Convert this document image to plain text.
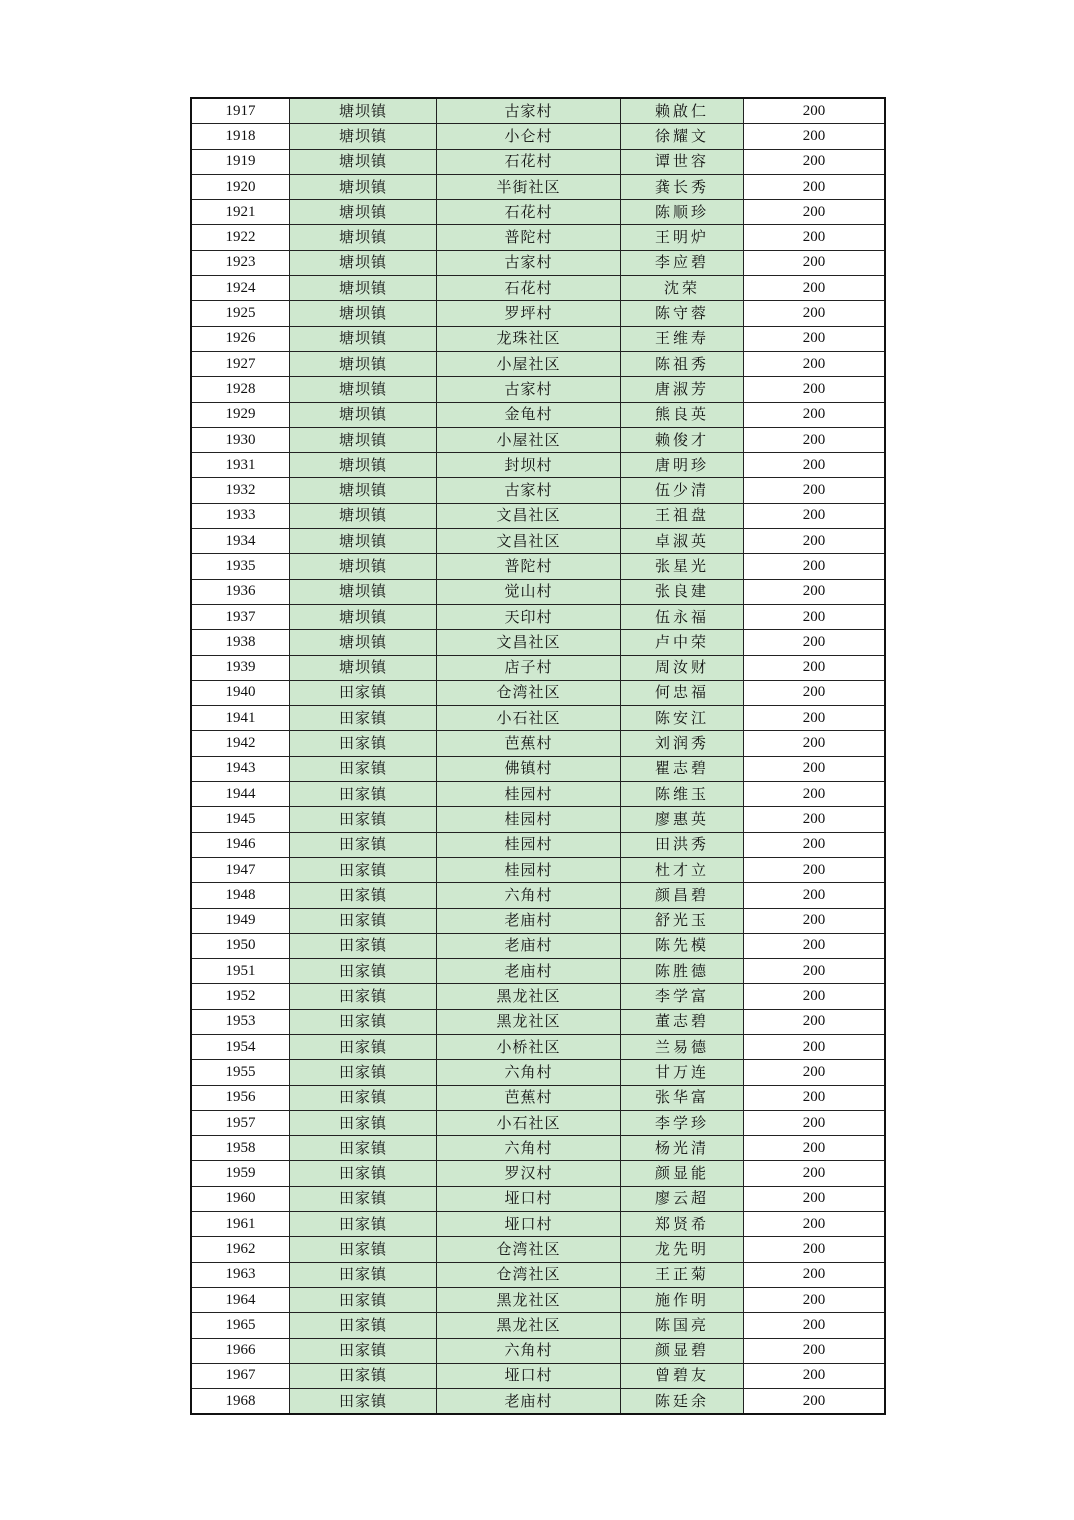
1917	塘坝镇	古家村	赖啟仁	200
1918	塘坝镇	小仑村	徐耀文	200
1919	塘坝镇	石花村	谭世容	200
1920	塘坝镇	半街社区	龚长秀	200
1921	塘坝镇	石花村	陈顺珍	200
1922	塘坝镇	普陀村	王明炉	200
1923	塘坝镇	古家村	李应碧	200
1924	塘坝镇	石花村	沈荣	200
1925	塘坝镇	罗坪村	陈守蓉	200
1926	塘坝镇	龙珠社区	王维寿	200
1927	塘坝镇	小屋社区	陈祖秀	200
1928	塘坝镇	古家村	唐淑芳	200
1929	塘坝镇	金龟村	熊良英	200
1930	塘坝镇	小屋社区	赖俊才	200
1931	塘坝镇	封坝村	唐明珍	200
1932	塘坝镇	古家村	伍少清	200
1933	塘坝镇	文昌社区	王祖盘	200
1934	塘坝镇	文昌社区	卓淑英	200
1935	塘坝镇	普陀村	张星光	200
1936	塘坝镇	觉山村	张良建	200
1937	塘坝镇	天印村	伍永福	200
1938	塘坝镇	文昌社区	卢中荣	200
1939	塘坝镇	店子村	周汝财	200
1940	田家镇	仓湾社区	何忠福	200
1941	田家镇	小石社区	陈安江	200
1942	田家镇	芭蕉村	刘润秀	200
1943	田家镇	佛镇村	瞿志碧	200
1944	田家镇	桂园村	陈维玉	200
1945	田家镇	桂园村	廖惠英	200
1946	田家镇	桂园村	田洪秀	200
1947	田家镇	桂园村	杜才立	200
1948	田家镇	六角村	颜昌碧	200
1949	田家镇	老庙村	舒光玉	200
1950	田家镇	老庙村	陈先模	200
1951	田家镇	老庙村	陈胜德	200
1952	田家镇	黑龙社区	李学富	200
1953	田家镇	黑龙社区	董志碧	200
1954	田家镇	小桥社区	兰易德	200
1955	田家镇	六角村	甘万连	200
1956	田家镇	芭蕉村	张华富	200
1957	田家镇	小石社区	李学珍	200
1958	田家镇	六角村	杨光清	200
1959	田家镇	罗汉村	颜显能	200
1960	田家镇	垭口村	廖云超	200
1961	田家镇	垭口村	郑贤希	200
1962	田家镇	仓湾社区	龙先明	200
1963	田家镇	仓湾社区	王正菊	200
1964	田家镇	黑龙社区	施作明	200
1965	田家镇	黑龙社区	陈国亮	200
1966	田家镇	六角村	颜显碧	200
1967	田家镇	垭口村	曾碧友	200
1968	田家镇	老庙村	陈廷余	200
